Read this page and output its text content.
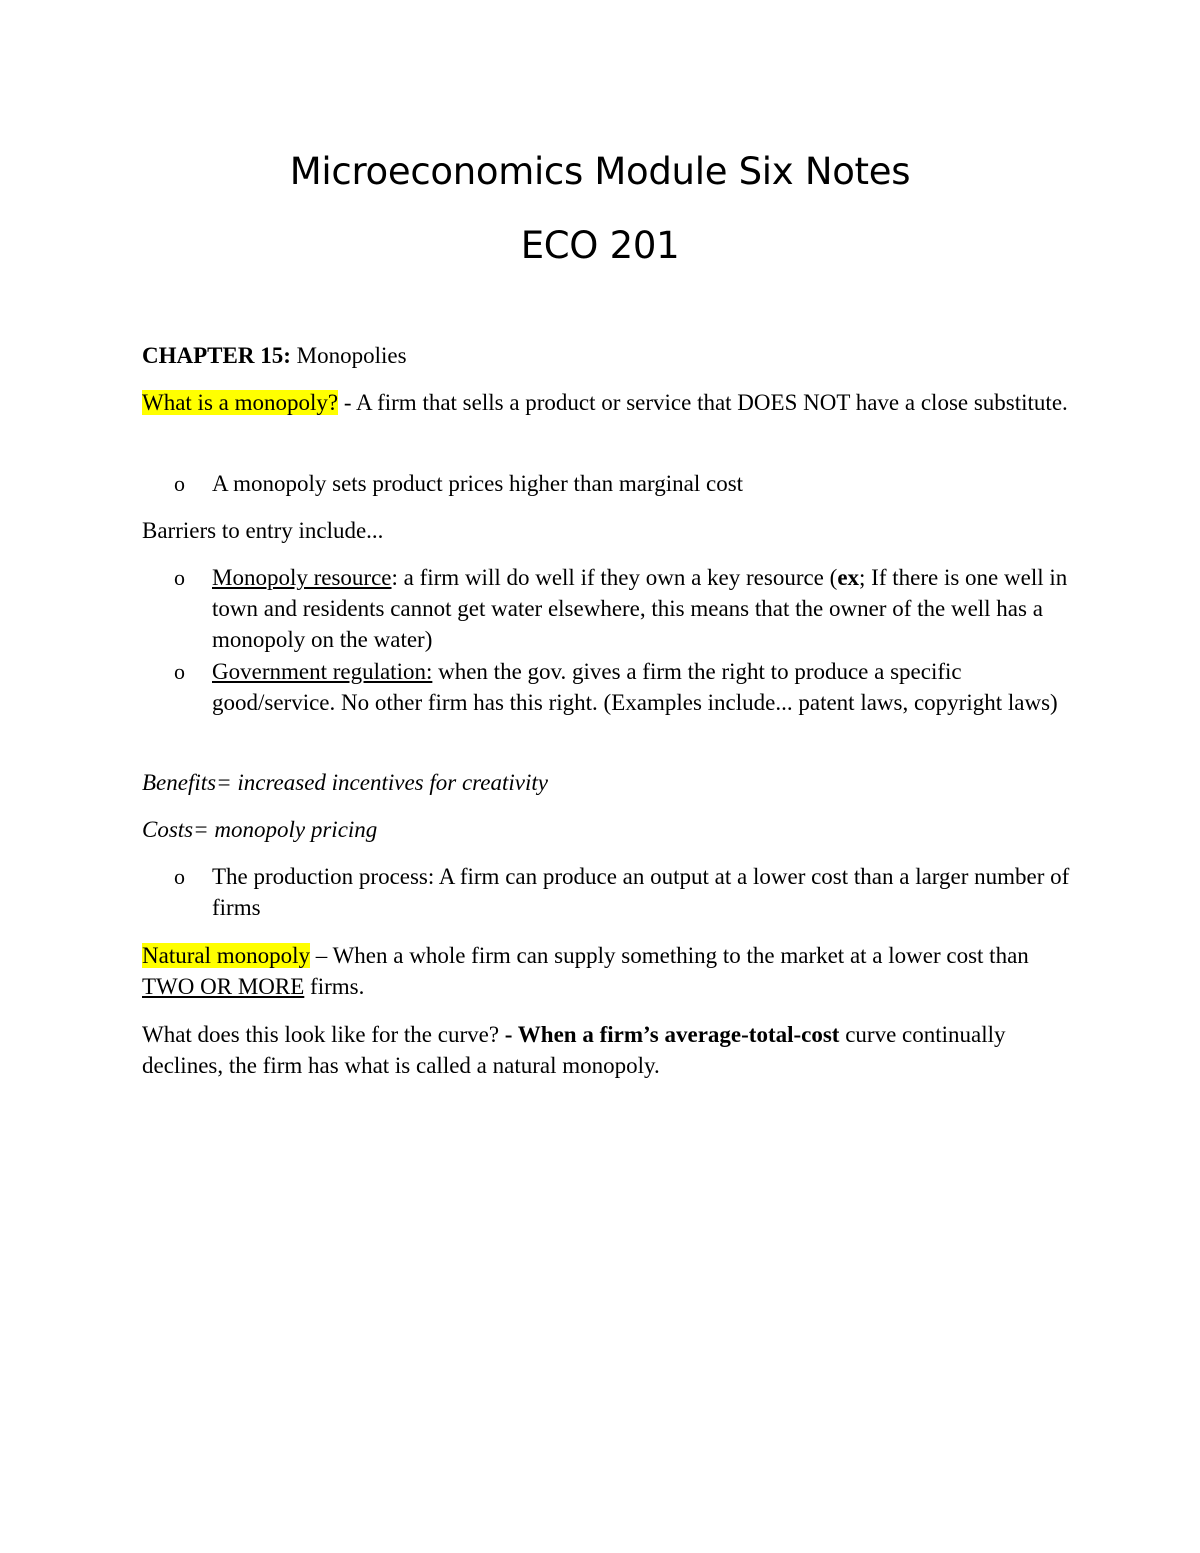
Microeconomics Module Six Notes
ECO 201
CHAPTER 15: Monopolies
What is a monopoly? - A firm that sells a product or service that DOES NOT have a close substitute.
o A monopoly sets product prices higher than marginal cost
Barriers to entry include...
o Monopoly resource: a firm will do well if they own a key resource (ex; If there is one well in town and residents cannot get water elsewhere, this means that the owner of the well has a monopoly on the water)
o Government regulation: when the gov. gives a firm the right to produce a specific good/service. No other firm has this right. (Examples include... patent laws, copyright laws)
Benefits= increased incentives for creativity
Costs= monopoly pricing
o The production process: A firm can produce an output at a lower cost than a larger number of firms
Natural monopoly – When a whole firm can supply something to the market at a lower cost than TWO OR MORE firms.
What does this look like for the curve? - When a firm’s average-total-cost curve continually declines, the firm has what is called a natural monopoly.
